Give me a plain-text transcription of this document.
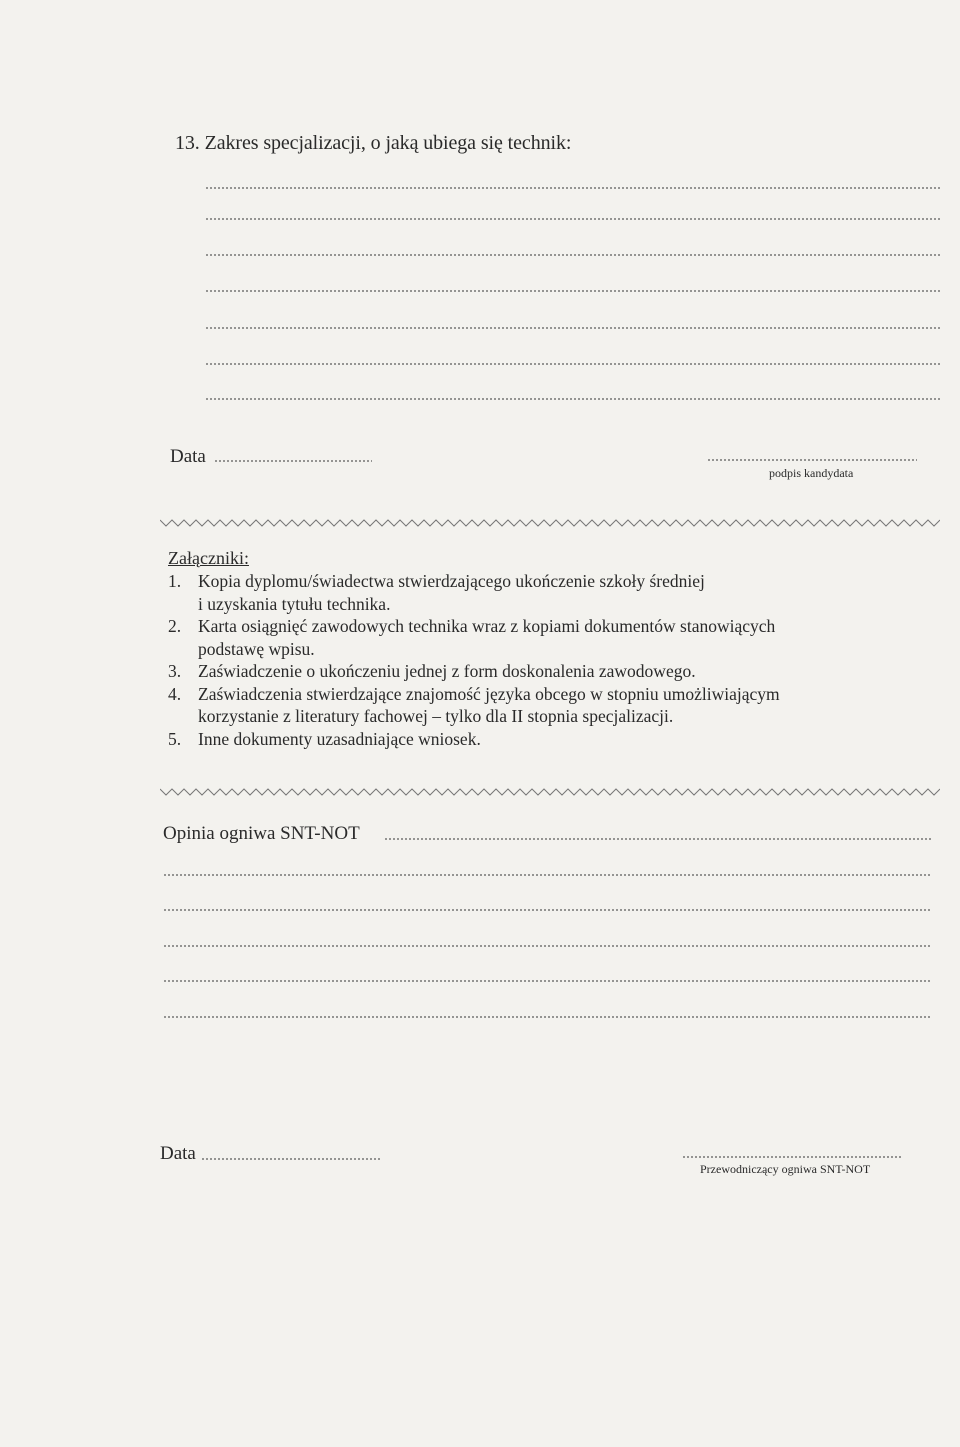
13. Zakres specjalizacji, o jaką ubiega się technik:
Data
podpis kandydata
Załączniki:
1. Kopia dyplomu/świadectwa stwierdzającego ukończenie szkoły średniej
i uzyskania tytułu technika.
2. Karta osiągnięć zawodowych technika wraz z kopiami dokumentów stanowiących
podstawę wpisu.
3. Zaświadczenie o ukończeniu jednej z form doskonalenia zawodowego.
4. Zaświadczenia stwierdzające znajomość języka obcego w stopniu umożliwiającym
korzystanie z literatury fachowej – tylko dla II stopnia specjalizacji.
5. Inne dokumenty uzasadniające wniosek.
Opinia ogniwa SNT-NOT
Data
Przewodniczący ogniwa SNT-NOT
